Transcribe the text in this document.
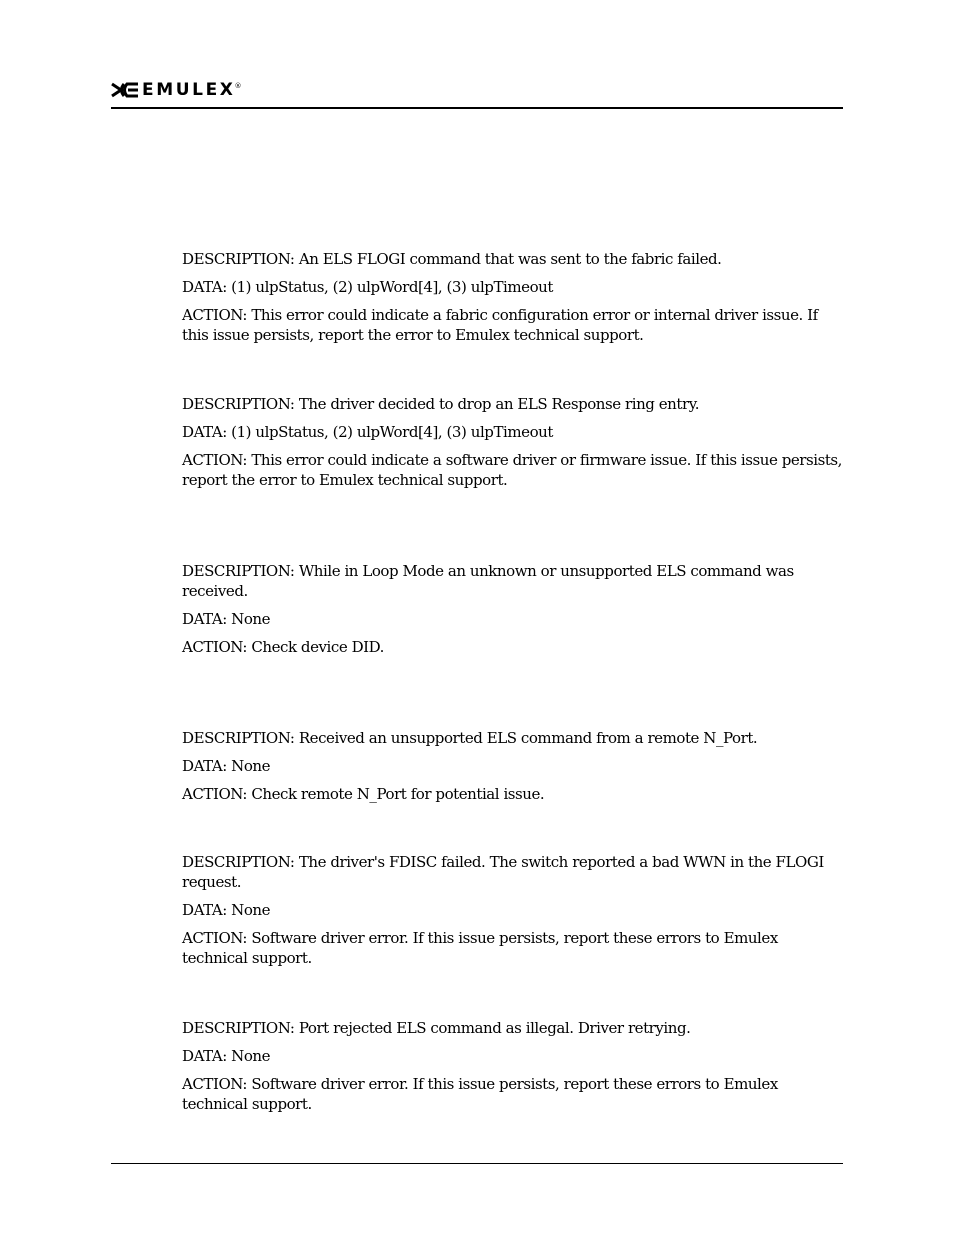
EMULEX ®

DESCRIPTION: An ELS FLOGI command that was sent to the fabric failed.

DATA: (1) ulpStatus, (2) ulpWord[4], (3) ulpTimeout

ACTION: This error could indicate a fabric configuration error or internal driver issue. If this issue persists, report the error to Emulex technical support.

DESCRIPTION: The driver decided to drop an ELS Response ring entry.

DATA: (1) ulpStatus, (2) ulpWord[4], (3) ulpTimeout

ACTION: This error could indicate a software driver or firmware issue. If this issue persists, report the error to Emulex technical support.

DESCRIPTION: While in Loop Mode an unknown or unsupported ELS command was received.

DATA: None

ACTION: Check device DID.

DESCRIPTION: Received an unsupported ELS command from a remote N_Port.

DATA: None

ACTION: Check remote N_Port for potential issue.

DESCRIPTION: The driver's FDISC failed. The switch reported a bad WWN in the FLOGI request.

DATA: None

ACTION: Software driver error. If this issue persists, report these errors to Emulex technical support.

DESCRIPTION: Port rejected ELS command as illegal. Driver retrying.

DATA: None

ACTION: Software driver error. If this issue persists, report these errors to Emulex technical support.
